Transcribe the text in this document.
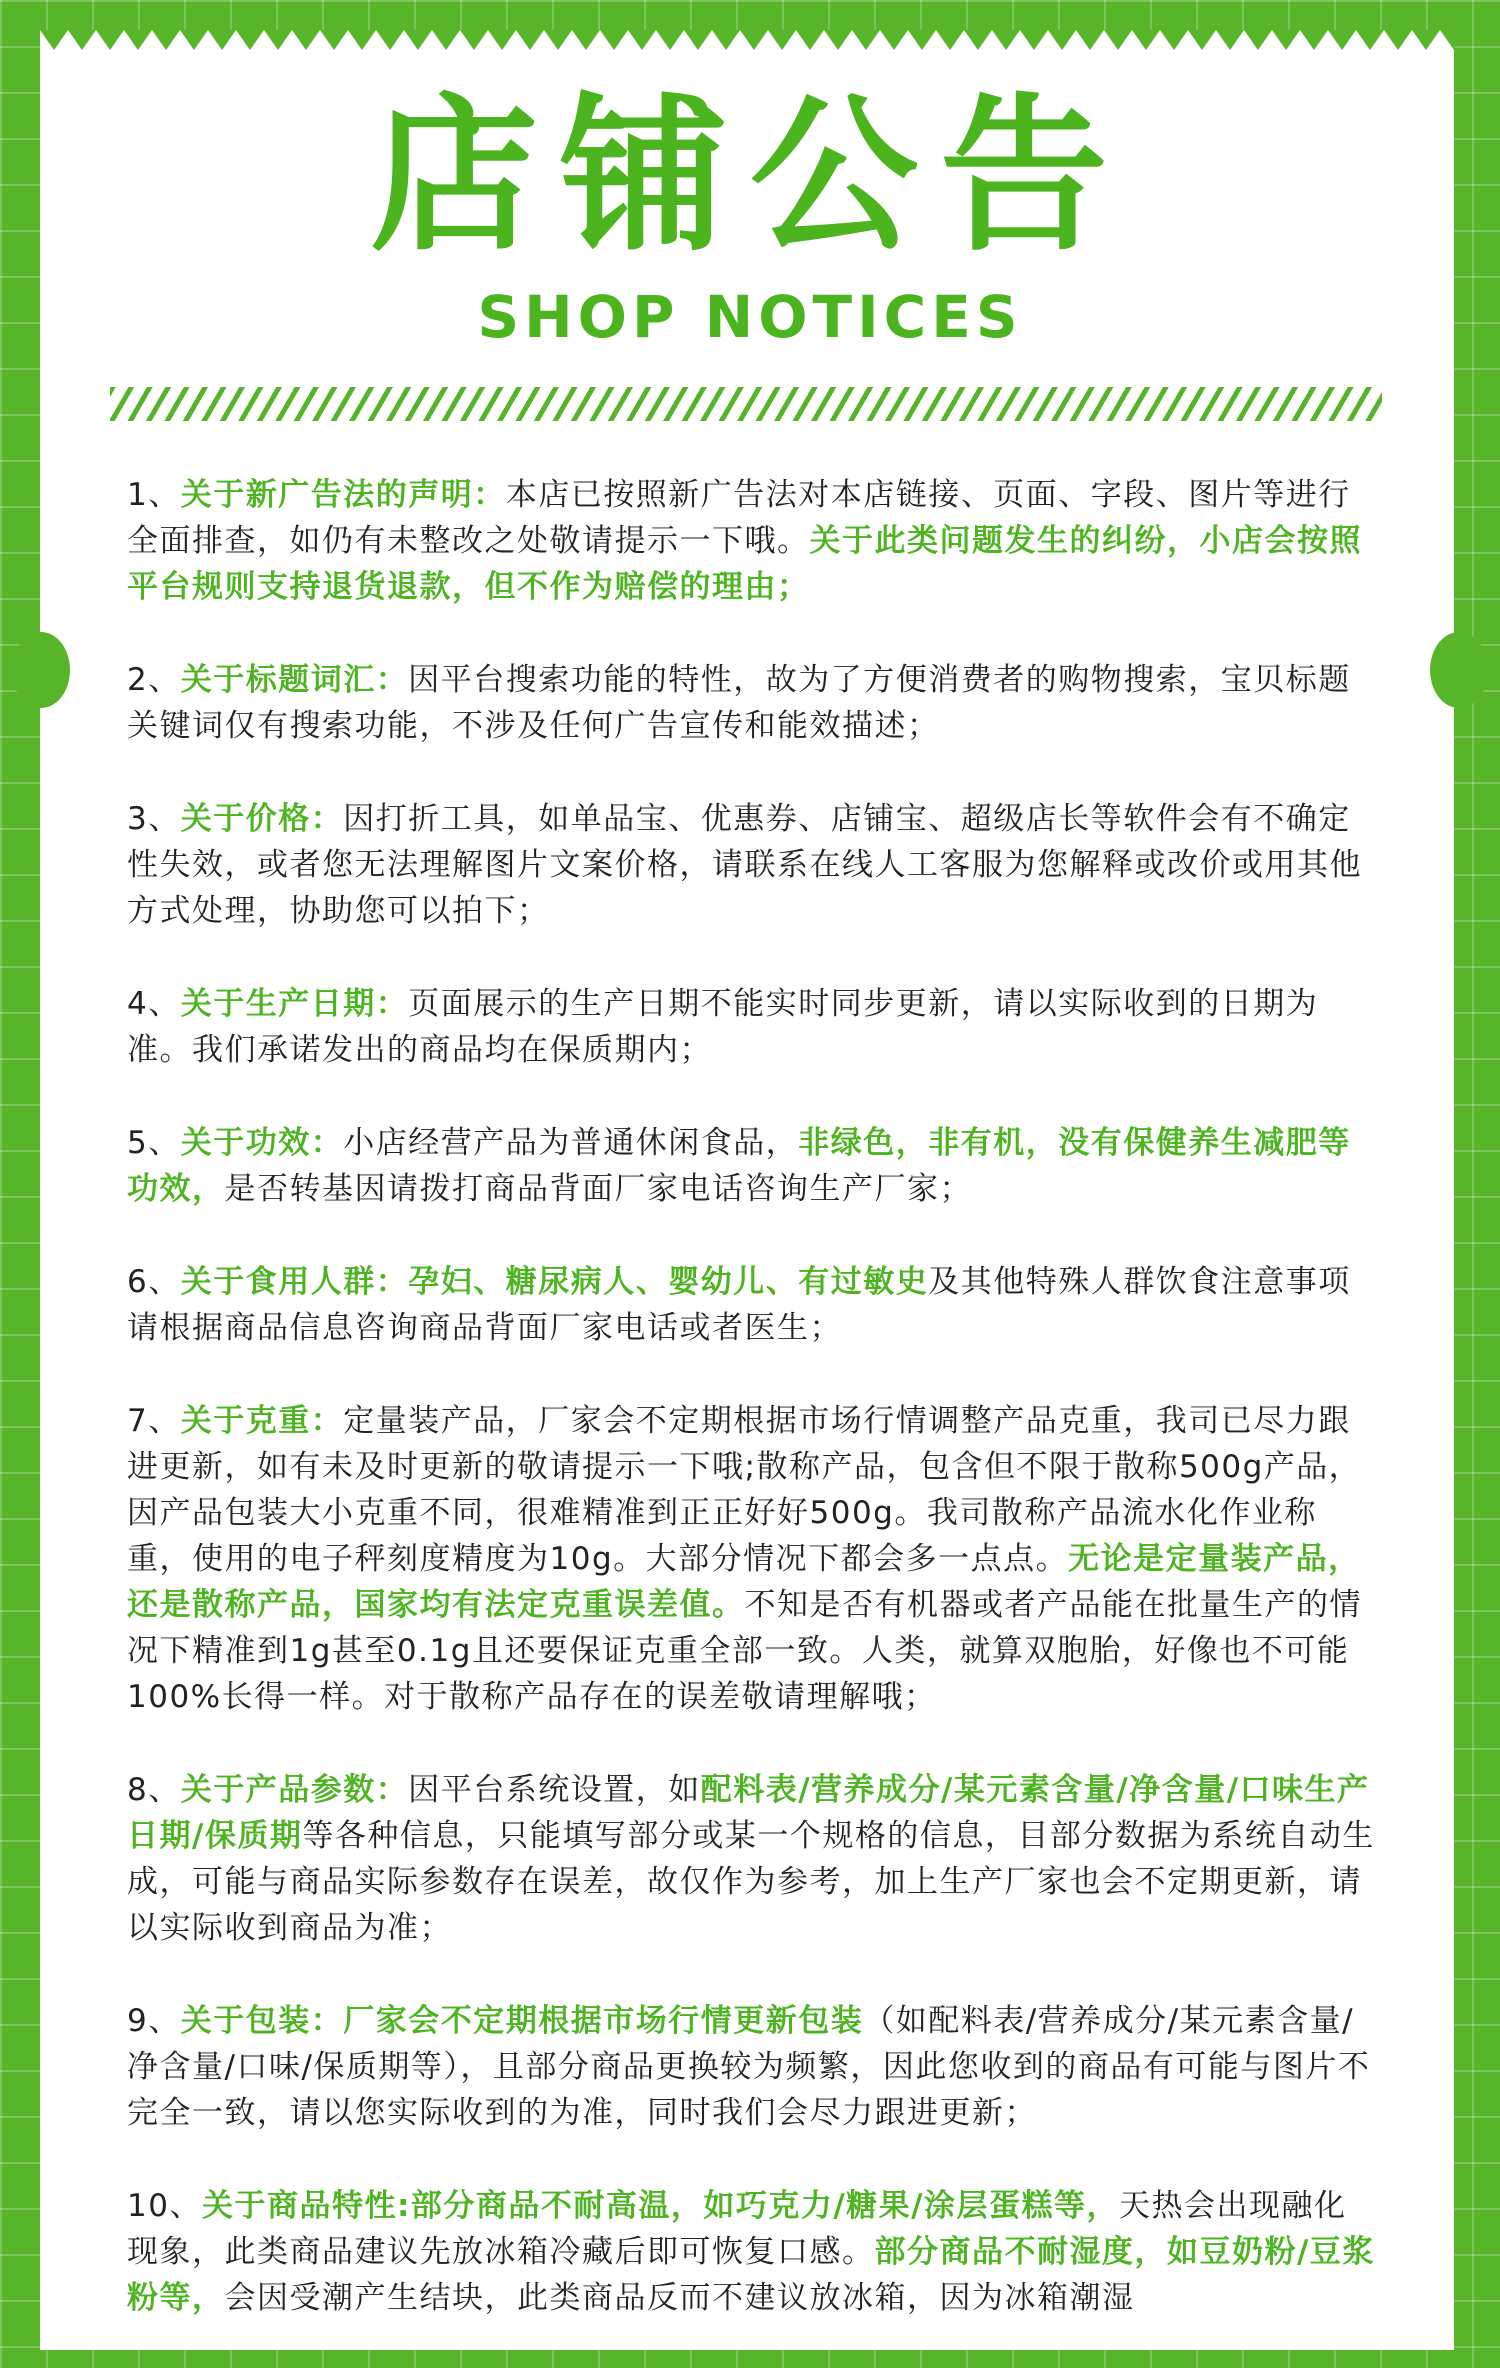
店铺公告
SHOP NOTICES

1、关于新广告法的声明：本店已按照新广告法对本店链接、页面、字段、图片等进行全面排查，如仍有未整改之处敬请提示一下哦。关于此类问题发生的纠纷，小店会按照平台规则支持退货退款，但不作为赔偿的理由；

2、关于标题词汇：因平台搜索功能的特性，故为了方便消费者的购物搜索，宝贝标题关键词仅有搜索功能，不涉及任何广告宣传和能效描述；

3、关于价格：因打折工具，如单品宝、优惠券、店铺宝、超级店长等软件会有不确定性失效，或者您无法理解图片文案价格，请联系在线人工客服为您解释或改价或用其他方式处理，协助您可以拍下；

4、关于生产日期：页面展示的生产日期不能实时同步更新，请以实际收到的日期为准。我们承诺发出的商品均在保质期内；

5、关于功效：小店经营产品为普通休闲食品，非绿色，非有机，没有保健养生减肥等功效，是否转基因请拨打商品背面厂家电话咨询生产厂家；

6、关于食用人群：孕妇、糖尿病人、婴幼儿、有过敏史及其他特殊人群饮食注意事项请根据商品信息咨询商品背面厂家电话或者医生；

7、关于克重：定量装产品，厂家会不定期根据市场行情调整产品克重，我司已尽力跟进更新，如有未及时更新的敬请提示一下哦;散称产品，包含但不限于散称500g产品，因产品包装大小克重不同，很难精准到正正好好500g。我司散称产品流水化作业称重，使用的电子秤刻度精度为10g。大部分情况下都会多一点点。无论是定量装产品，还是散称产品，国家均有法定克重误差值。不知是否有机器或者产品能在批量生产的情况下精准到1g甚至0.1g且还要保证克重全部一致。人类，就算双胞胎，好像也不可能100%长得一样。对于散称产品存在的误差敬请理解哦；

8、关于产品参数：因平台系统设置，如配料表/营养成分/某元素含量/净含量/口味生产日期/保质期等各种信息，只能填写部分或某一个规格的信息，目部分数据为系统自动生成，可能与商品实际参数存在误差，故仅作为参考，加上生产厂家也会不定期更新，请以实际收到商品为准；

9、关于包装：厂家会不定期根据市场行情更新包装（如配料表/营养成分/某元素含量/净含量/口味/保质期等），且部分商品更换较为频繁，因此您收到的商品有可能与图片不完全一致，请以您实际收到的为准，同时我们会尽力跟进更新；

10、关于商品特性:部分商品不耐高温，如巧克力/糖果/涂层蛋糕等，天热会出现融化现象，此类商品建议先放冰箱冷藏后即可恢复口感。部分商品不耐湿度，如豆奶粉/豆浆粉等，会因受潮产生结块，此类商品反而不建议放冰箱，因为冰箱潮湿
